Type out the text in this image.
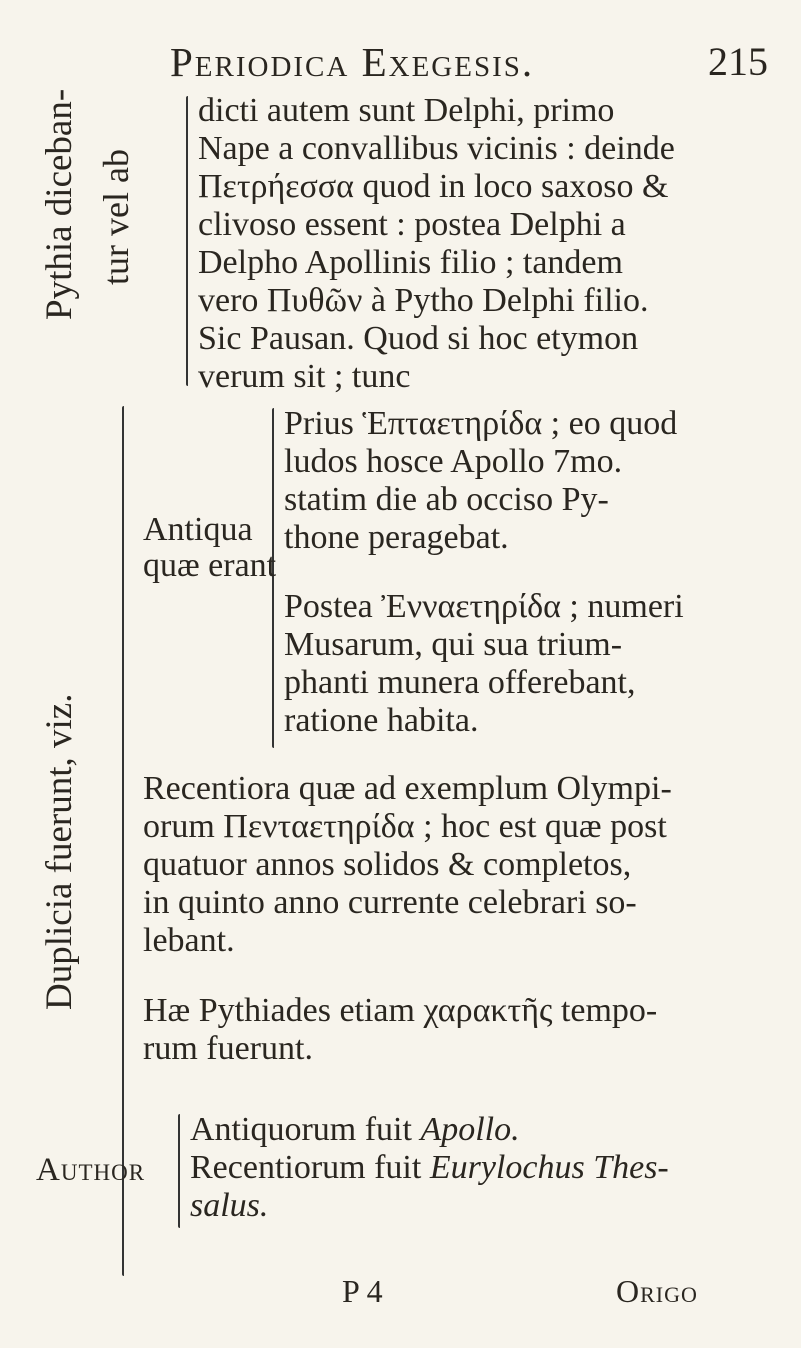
Periodica Exegesis.	215
Pythia diceban- tur vel ab
Duplicia fuerunt, viz.
dicti autem sunt Delphi, primo
Nape a convallibus vicinis : deinde
Πετρήεσσα quod in loco saxoso &
clivoso essent : postea Delphi a
Delpho Apollinis filio ; tandem
vero Πυθῶν à Pytho Delphi filio.
Sic Pausan. Quod si hoc etymon
verum sit ; tunc
Antiqua
quæ erant
Prius Ἑπταετηρίδα ; eo quod
ludos hosce Apollo 7mo.
statim die ab occiso Py-
thone peragebat.
Postea Ἐνναετηρίδα ; numeri
Musarum, qui sua trium-
phanti munera offerebant,
ratione habita.
Recentiora quæ ad exemplum Olympi-
orum Πενταετηρίδα ; hoc est quæ post
quatuor annos solidos & completos,
in quinto anno currente celebrari so-
lebant.
Hæ Pythiades etiam χαρακτῆς tempo-
rum fuerunt.
Author
Antiquorum fuit Apollo.
Recentiorum fuit Eurylochus Thes-
salus.
P 4	Origo
